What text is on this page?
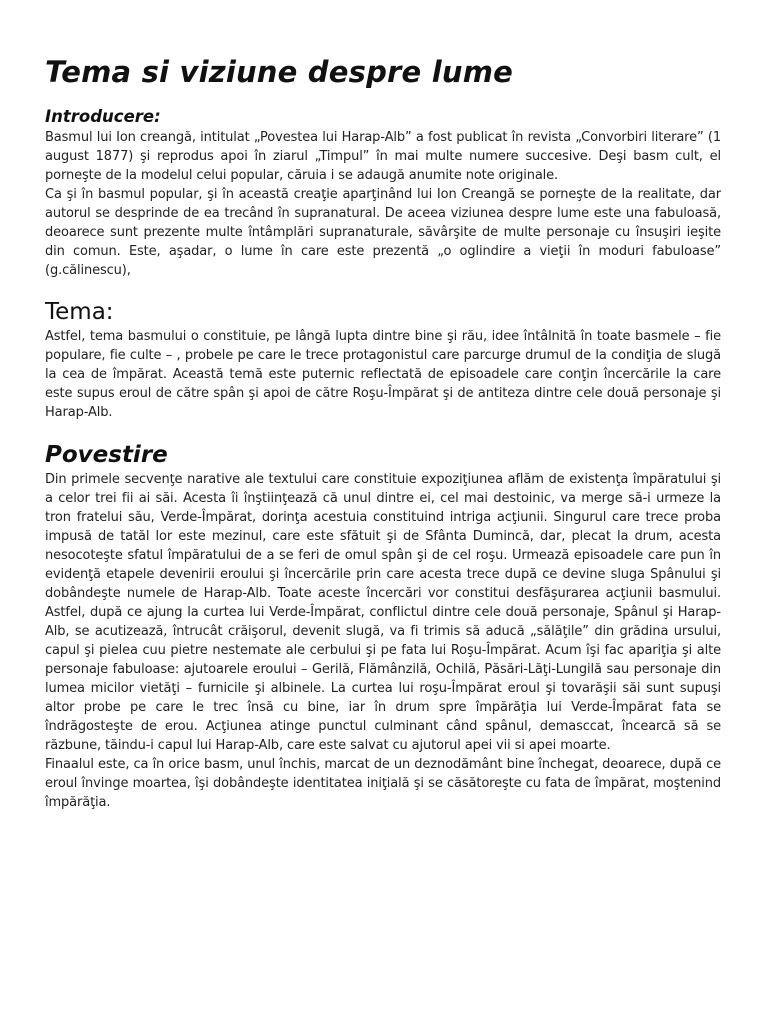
Tema si viziune despre lume
Introducere:

Basmul lui Ion creangă, intitulat „Povestea lui Harap-Alb” a fost publicat în revista „Convorbiri literare” (1 august 1877) şi reprodus apoi în ziarul „Timpul” în mai multe numere succesive. Deşi basm cult, el porneşte de la modelul celui popular, căruia i se adaugă anumite note originale.

Ca şi în basmul popular, şi în această creaţie aparţinând lui Ion Creangă se porneşte de la realitate, dar autorul se desprinde de ea trecând în supranatural. De aceea viziunea despre lume este una fabuloasă, deoarece sunt prezente multe întâmplări supranaturale, săvârşite de multe personaje cu însuşiri ieşite din comun. Este, aşadar, o lume în care este prezentă „o oglindire a vieţii în moduri fabuloase” (g.călinescu),

Tema:

Astfel, tema basmului o constituie, pe lângă lupta dintre bine şi rău, idee întâlnită în toate basmele – fie populare, fie culte – , probele pe care le trece protagonistul care parcurge drumul de la condiţia de slugă la cea de împărat. Această temă este puternic reflectată de episoadele care conţin încercările la care este supus eroul de către spân şi apoi de către Roşu-Împărat şi de antiteza dintre cele două personaje şi Harap-Alb.

Povestire

Din primele secvenţe narative ale textului care constituie expoziţiunea aflăm de existenţa împăratului şi a celor trei fii ai săi. Acesta îi înştiinţează că unul dintre ei, cel mai destoinic, va merge să-i urmeze la tron fratelui său, Verde-Împărat, dorinţa acestuia constituind intriga acţiunii. Singurul care trece proba impusă de tatăl lor este mezinul, care este sfătuit şi de Sfânta Dumincă, dar, plecat la drum, acesta nesocoteşte sfatul împăratului de a se feri de omul spân şi de cel roşu. Urmează episoadele care pun în evidenţă etapele devenirii eroului şi încercările prin care acesta trece după ce devine sluga Spânului şi dobândeşte numele de Harap-Alb. Toate aceste încercări vor constitui desfăşurarea acţiunii basmului. Astfel, după ce ajung la curtea lui Verde-Împărat, conflictul dintre cele două personaje, Spânul şi Harap-Alb, se acutizează, întrucât crăişorul, devenit slugă, va fi trimis să aducă „sălăţile” din grădina ursului, capul şi pielea cuu pietre nestemate ale cerbului şi pe fata lui Roşu-Împărat. Acum îşi fac apariţia şi alte personaje fabuloase: ajutoarele eroului – Gerilă, Flămânzilă, Ochilă, Păsări-Lăţi-Lungilă sau personaje din lumea micilor vietăţi – furnicile şi albinele. La curtea lui roşu-Împărat eroul şi tovarăşii săi sunt supuşi altor probe pe care le trec însă cu bine, iar în drum spre împărăţia lui Verde-Împărat fata se îndrăgosteşte de erou. Acţiunea atinge punctul culminant când spânul, demasccat, încearcă să se răzbune, tăindu-i capul lui Harap-Alb, care este salvat cu ajutorul apei vii si apei moarte.

Finaalul este, ca în orice basm, unul închis, marcat de un deznodământ bine închegat, deoarece, după ce eroul învinge moartea, îşi dobândeşte identitatea iniţială şi se căsătoreşte cu fata de împărat, moştenind împărăţia.
